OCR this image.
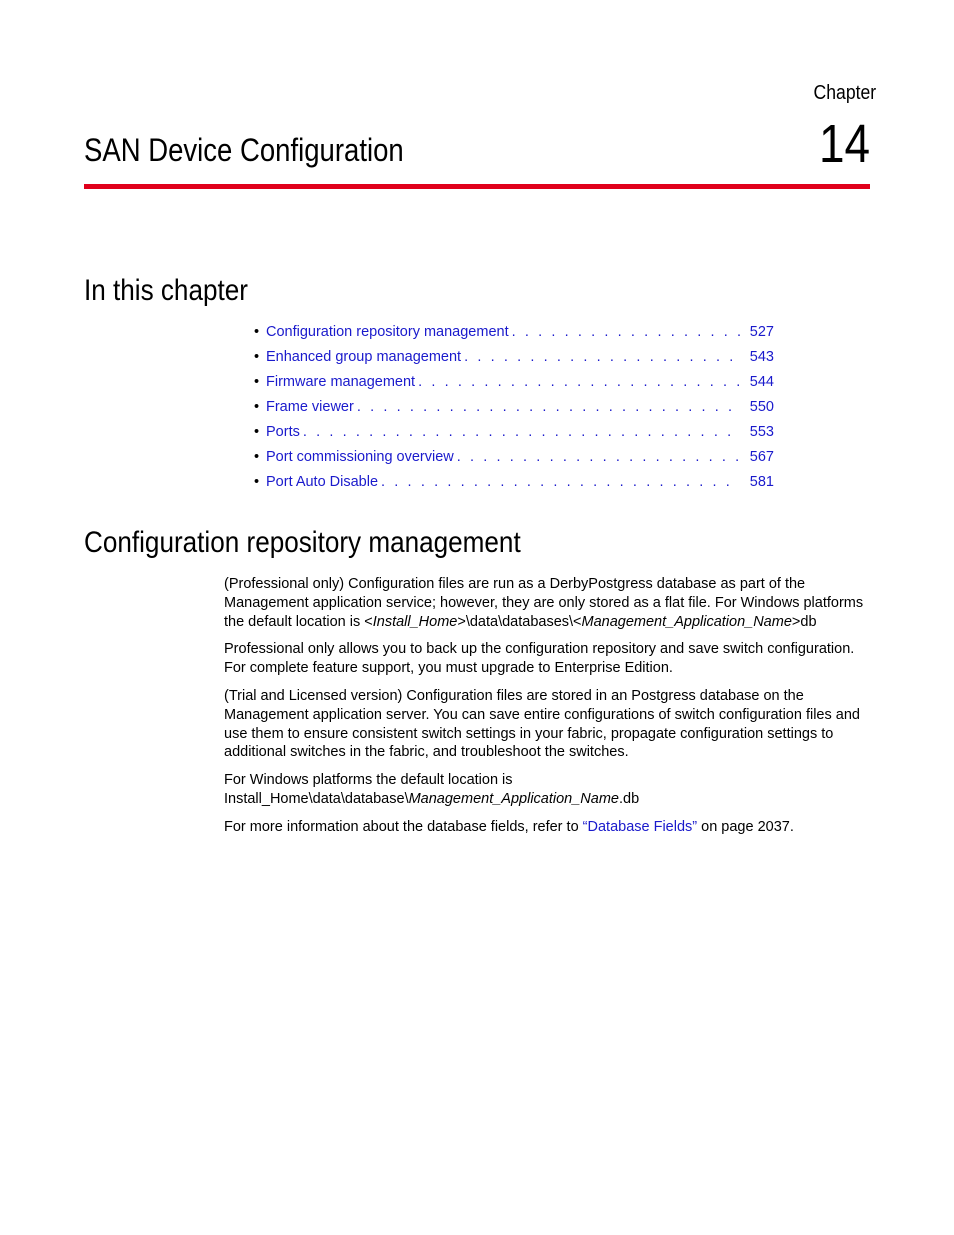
Chapter
14
SAN Device Configuration
In this chapter
• Configuration repository management . . .	527
• Enhanced group management . . .	543
• Firmware management . . .	544
• Frame viewer . . .	550
• Ports . . .	553
• Port commissioning overview . . .	567
• Port Auto Disable . . .	581
Configuration repository management

(Professional only) Configuration files are run as a DerbyPostgress database as part of the Management application service; however, they are only stored as a flat file. For Windows platforms the default location is <Install_Home>\data\databases\<Management_Application_Name>db

Professional only allows you to back up the configuration repository and save switch configuration. For complete feature support, you must upgrade to Enterprise Edition.

(Trial and Licensed version) Configuration files are stored in an Postgress database on the Management application server. You can save entire configurations of switch configuration files and use them to ensure consistent switch settings in your fabric, propagate configuration settings to additional switches in the fabric, and troubleshoot the switches.

For Windows platforms the default location is
Install_Home\data\database\Management_Application_Name.db

For more information about the database fields, refer to “Database Fields” on page 2037.
